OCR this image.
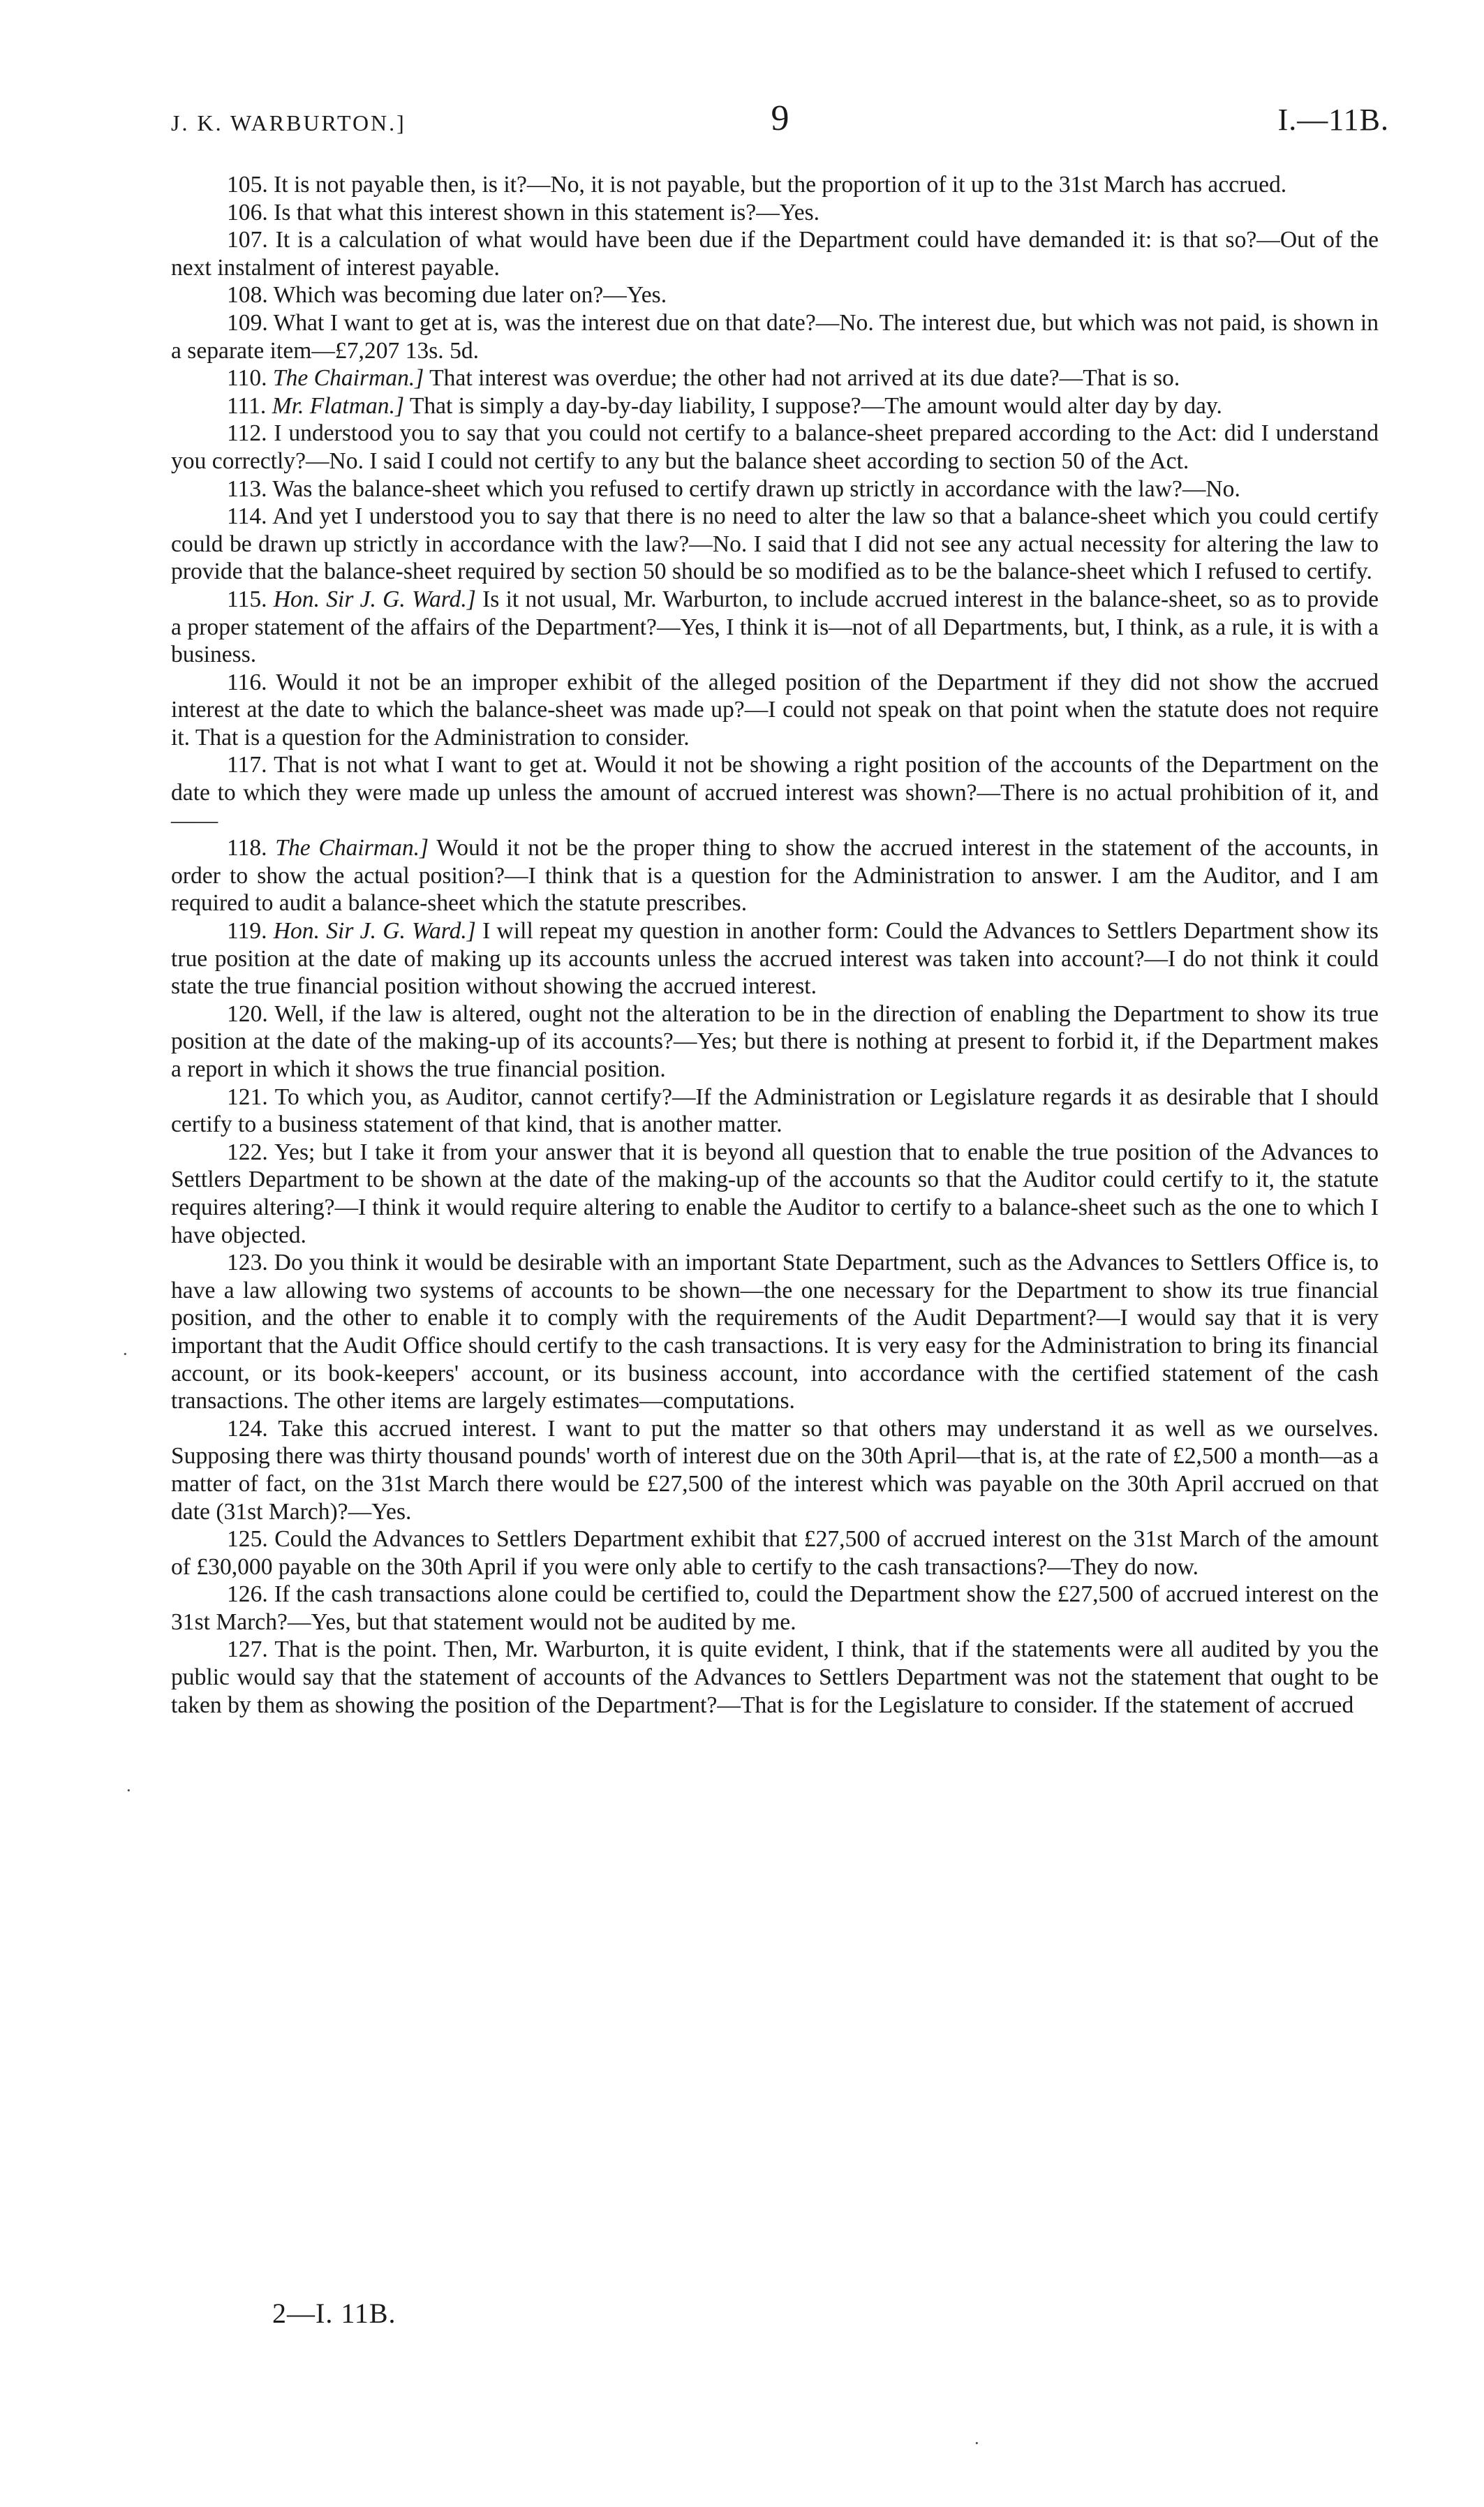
J. K. WARBURTON.]	9	I.—11B.

105. It is not payable then, is it?—No, it is not payable, but the proportion of it up to the 31st March has accrued.

106. Is that what this interest shown in this statement is?—Yes.

107. It is a calculation of what would have been due if the Department could have demanded it: is that so?—Out of the next instalment of interest payable.

108. Which was becoming due later on?—Yes.

109. What I want to get at is, was the interest due on that date?—No. The interest due, but which was not paid, is shown in a separate item—£7,207 13s. 5d.

110. The Chairman.] That interest was overdue; the other had not arrived at its due date?—That is so.

111. Mr. Flatman.] That is simply a day-by-day liability, I suppose?—The amount would alter day by day.

112. I understood you to say that you could not certify to a balance-sheet prepared according to the Act: did I understand you correctly?—No. I said I could not certify to any but the balance sheet according to section 50 of the Act.

113. Was the balance-sheet which you refused to certify drawn up strictly in accordance with the law?—No.

114. And yet I understood you to say that there is no need to alter the law so that a balance-sheet which you could certify could be drawn up strictly in accordance with the law?—No. I said that I did not see any actual necessity for altering the law to provide that the balance-sheet required by section 50 should be so modified as to be the balance-sheet which I refused to certify.

115. Hon. Sir J. G. Ward.] Is it not usual, Mr. Warburton, to include accrued interest in the balance-sheet, so as to provide a proper statement of the affairs of the Department?—Yes, I think it is—not of all Departments, but, I think, as a rule, it is with a business.

116. Would it not be an improper exhibit of the alleged position of the Department if they did not show the accrued interest at the date to which the balance-sheet was made up?—I could not speak on that point when the statute does not require it. That is a question for the Administration to consider.

117. That is not what I want to get at. Would it not be showing a right position of the accounts of the Department on the date to which they were made up unless the amount of accrued interest was shown?—There is no actual prohibition of it, and——

118. The Chairman.] Would it not be the proper thing to show the accrued interest in the statement of the accounts, in order to show the actual position?—I think that is a question for the Administration to answer. I am the Auditor, and I am required to audit a balance-sheet which the statute prescribes.

119. Hon. Sir J. G. Ward.] I will repeat my question in another form: Could the Advances to Settlers Department show its true position at the date of making up its accounts unless the accrued interest was taken into account?—I do not think it could state the true financial position without showing the accrued interest.

120. Well, if the law is altered, ought not the alteration to be in the direction of enabling the Department to show its true position at the date of the making-up of its accounts?—Yes; but there is nothing at present to forbid it, if the Department makes a report in which it shows the true financial position.

121. To which you, as Auditor, cannot certify?—If the Administration or Legislature regards it as desirable that I should certify to a business statement of that kind, that is another matter.

122. Yes; but I take it from your answer that it is beyond all question that to enable the true position of the Advances to Settlers Department to be shown at the date of the making-up of the accounts so that the Auditor could certify to it, the statute requires altering?—I think it would require altering to enable the Auditor to certify to a balance-sheet such as the one to which I have objected.

123. Do you think it would be desirable with an important State Department, such as the Advances to Settlers Office is, to have a law allowing two systems of accounts to be shown—the one necessary for the Department to show its true financial position, and the other to enable it to comply with the requirements of the Audit Department?—I would say that it is very important that the Audit Office should certify to the cash transactions. It is very easy for the Administration to bring its financial account, or its book-keepers' account, or its business account, into accordance with the certified statement of the cash transactions. The other items are largely estimates—computations.

124. Take this accrued interest. I want to put the matter so that others may understand it as well as we ourselves. Supposing there was thirty thousand pounds' worth of interest due on the 30th April—that is, at the rate of £2,500 a month—as a matter of fact, on the 31st March there would be £27,500 of the interest which was payable on the 30th April accrued on that date (31st March)?—Yes.

125. Could the Advances to Settlers Department exhibit that £27,500 of accrued interest on the 31st March of the amount of £30,000 payable on the 30th April if you were only able to certify to the cash transactions?—They do now.

126. If the cash transactions alone could be certified to, could the Department show the £27,500 of accrued interest on the 31st March?—Yes, but that statement would not be audited by me.

127. That is the point. Then, Mr. Warburton, it is quite evident, I think, that if the statements were all audited by you the public would say that the statement of accounts of the Advances to Settlers Department was not the statement that ought to be taken by them as showing the position of the Department?—That is for the Legislature to consider. If the statement of accrued

2—I. 11B.
·
·
·
